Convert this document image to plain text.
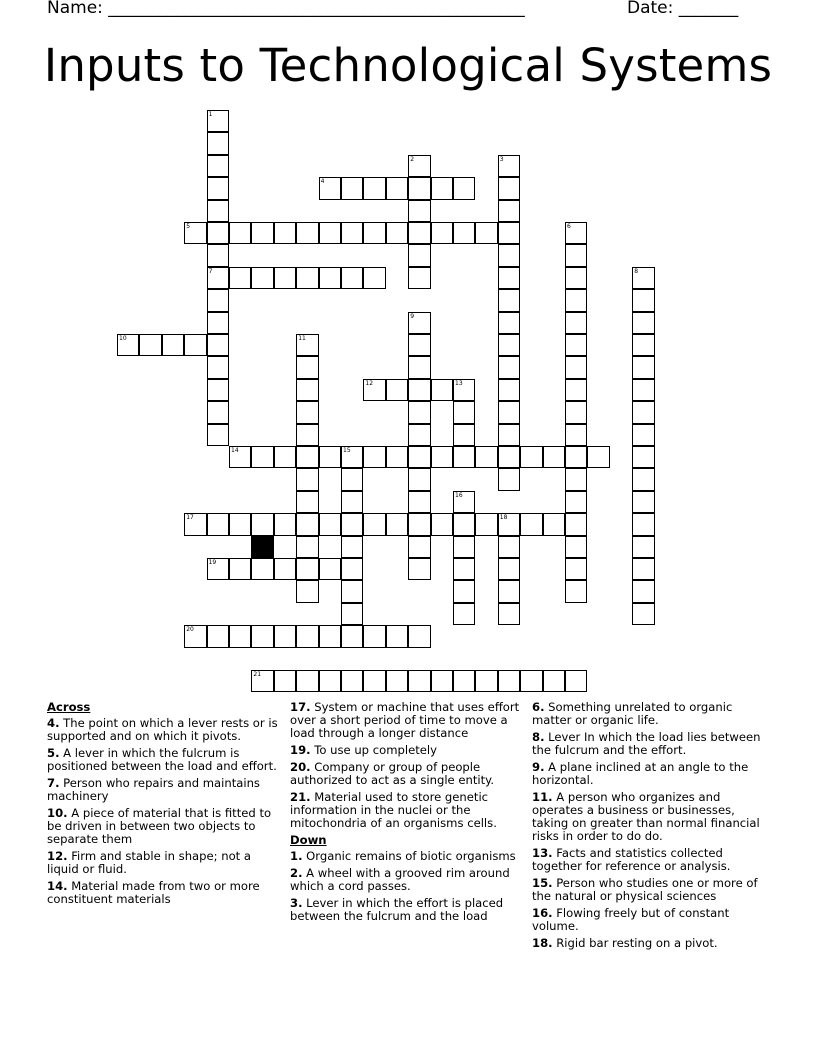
Name: _________________________________________________	Date: _______
Inputs to Technological Systems
1
7
2	3
4
5	6
8
9
10	11
12	13
14	15
16
17	18
19
20
21
Across
4. The point on which a lever rests or is supported and on which it pivots.
5. A lever in which the fulcrum is positioned between the load and effort.
7. Person who repairs and maintains machinery
10. A piece of material that is fitted to be driven in between two objects to separate them
12. Firm and stable in shape; not a liquid or fluid.
14. Material made from two or more constituent materials
17. System or machine that uses effort over a short period of time to move a load through a longer distance
19. To use up completely
20. Company or group of people authorized to act as a single entity.
21. Material used to store genetic information in the nuclei or the mitochondria of an organisms cells.
Down
1. Organic remains of biotic organisms
2. A wheel with a grooved rim around which a cord passes.
3. Lever in which the effort is placed between the fulcrum and the load
6. Something unrelated to organic matter or organic life.
8. Lever In which the load lies between the fulcrum and the effort.
9. A plane inclined at an angle to the horizontal.
11. A person who organizes and operates a business or businesses, taking on greater than normal financial risks in order to do do.
13. Facts and statistics collected together for reference or analysis.
15. Person who studies one or more of the natural or physical sciences
16. Flowing freely but of constant volume.
18. Rigid bar resting on a pivot.
